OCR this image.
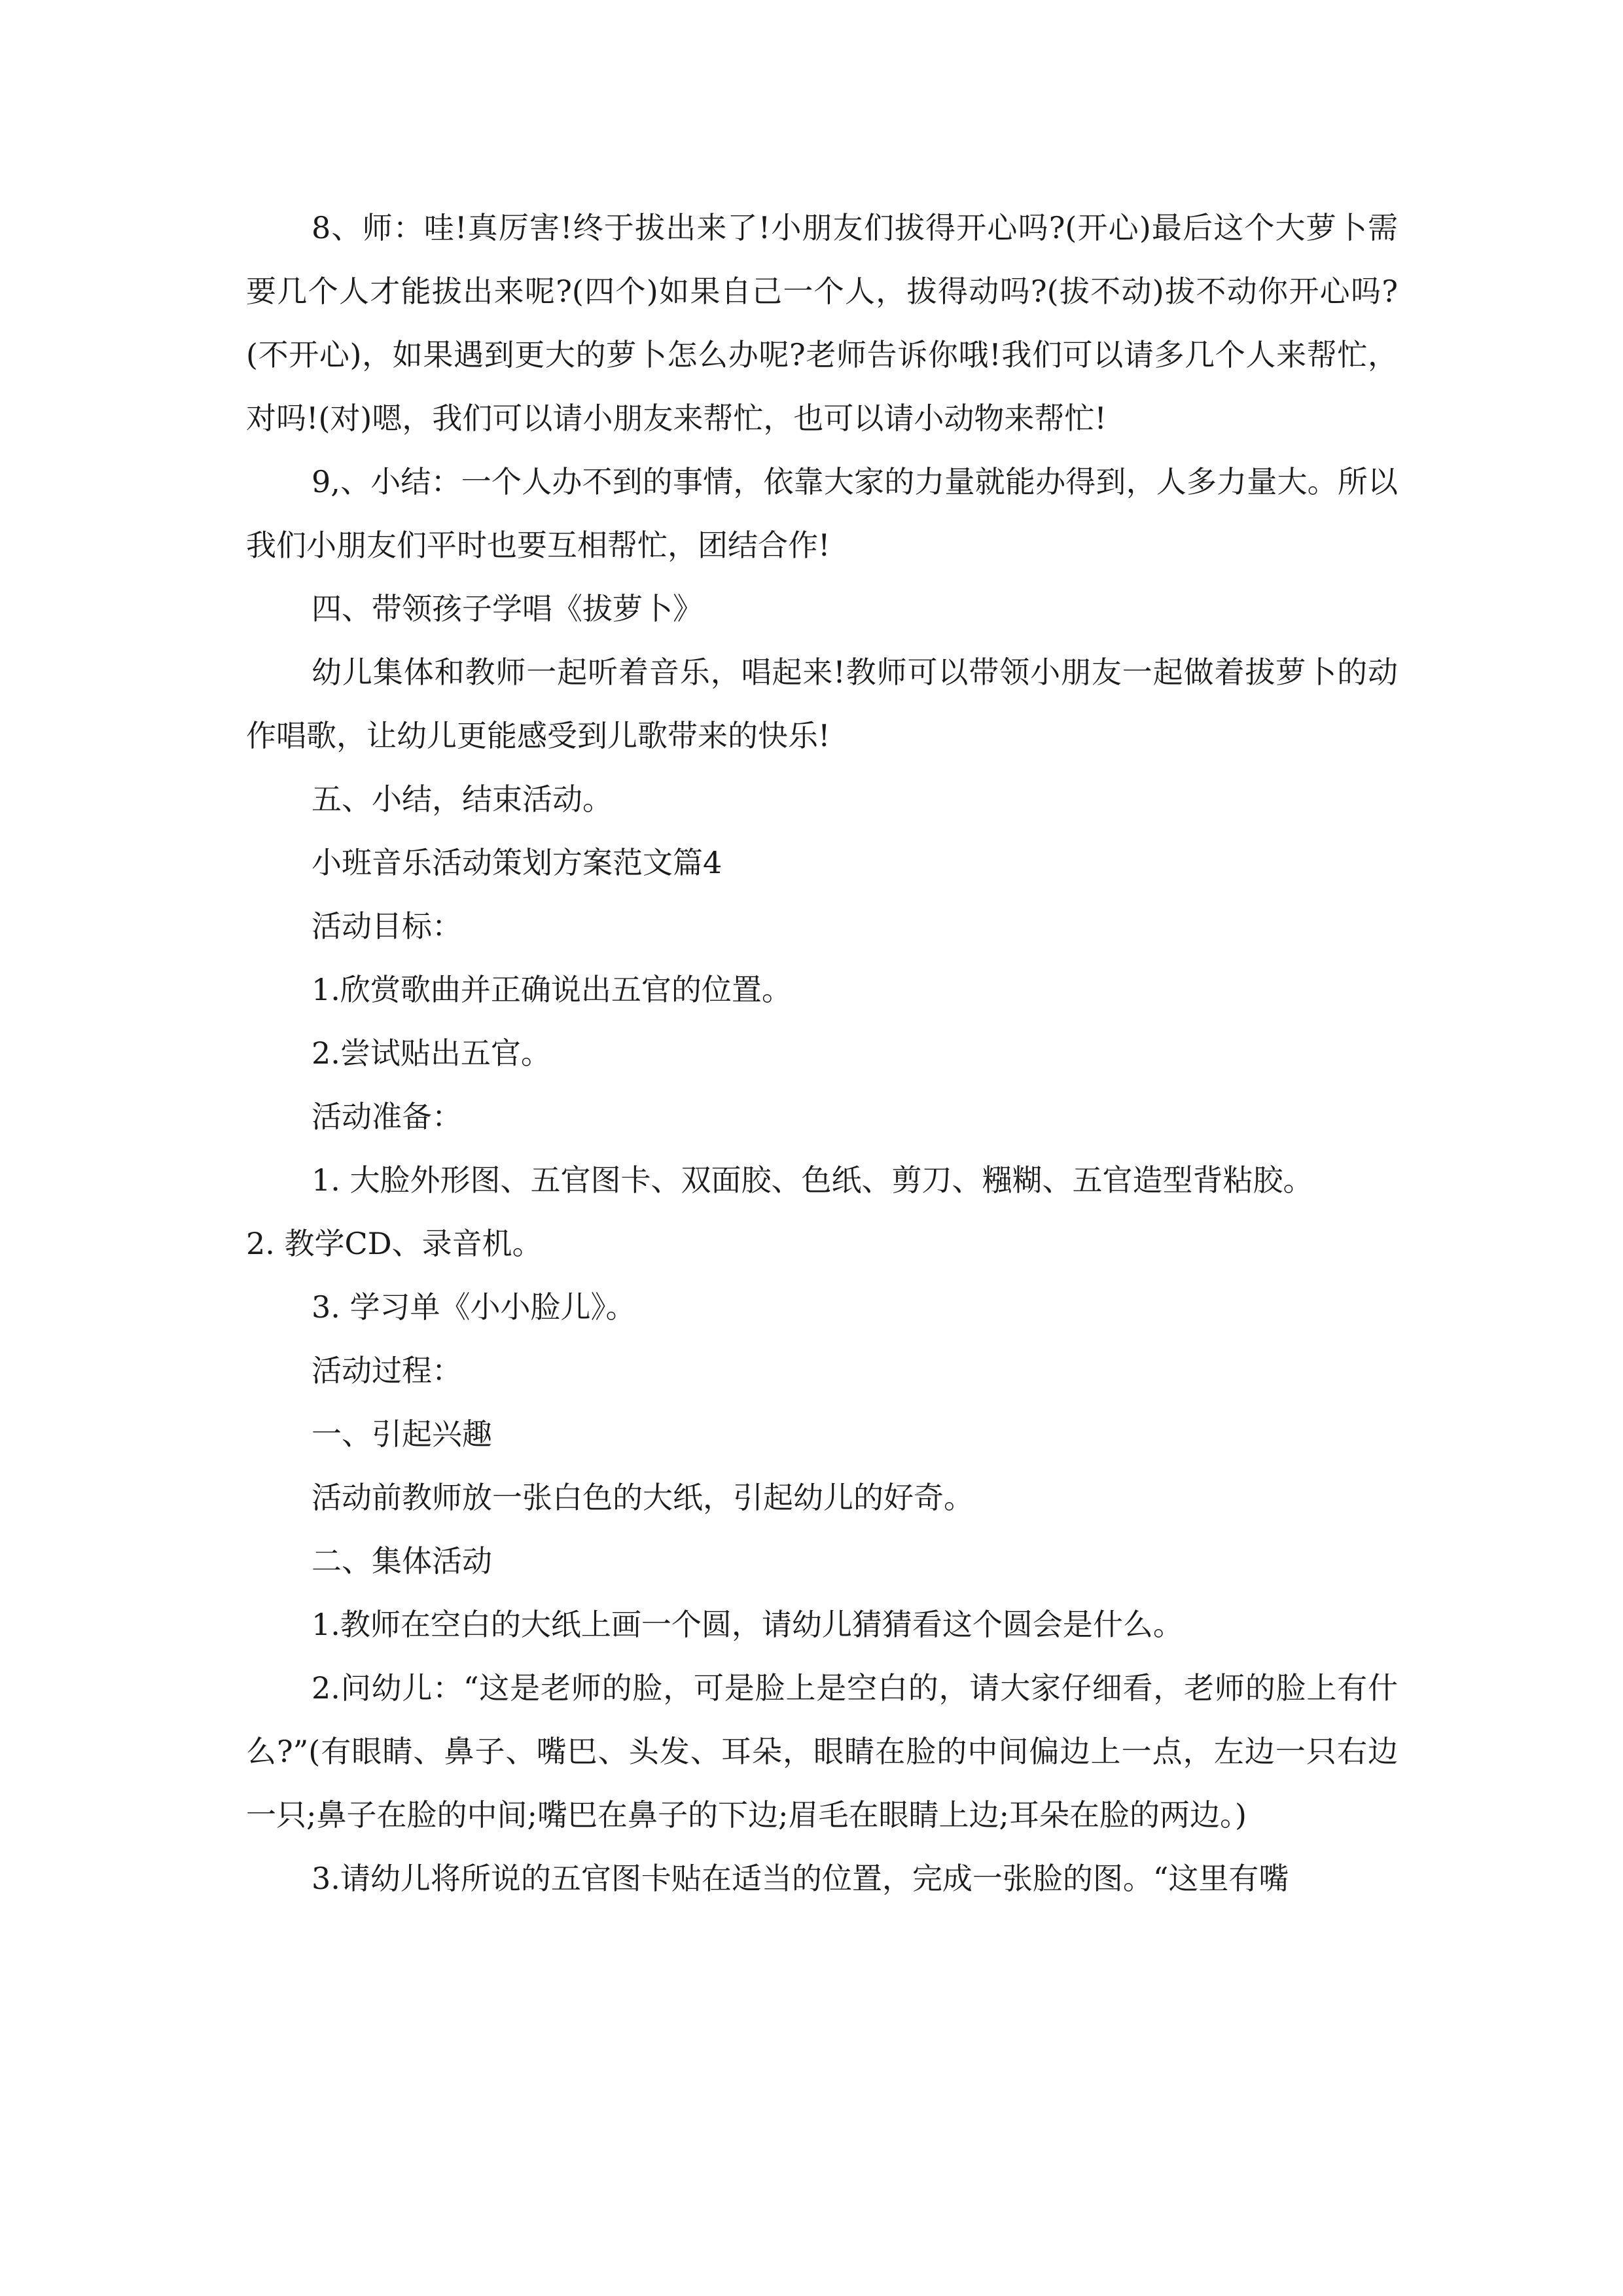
8、师：哇!真厉害!终于拔出来了!小朋友们拔得开心吗?(开心)最后这个大萝卜需要几个人才能拔出来呢?(四个)如果自己一个人，拔得动吗?(拔不动)拔不动你开心吗?(不开心)，如果遇到更大的萝卜怎么办呢?老师告诉你哦!我们可以请多几个人来帮忙，对吗!(对)嗯，我们可以请小朋友来帮忙，也可以请小动物来帮忙!

9,、小结：一个人办不到的事情，依靠大家的力量就能办得到，人多力量大。所以我们小朋友们平时也要互相帮忙，团结合作!

四、带领孩子学唱《拔萝卜》

幼儿集体和教师一起听着音乐，唱起来!教师可以带领小朋友一起做着拔萝卜的动作唱歌，让幼儿更能感受到儿歌带来的快乐!

五、小结，结束活动。

小班音乐活动策划方案范文篇4

活动目标：

1.欣赏歌曲并正确说出五官的位置。

2.尝试贴出五官。

活动准备：

1. 大脸外形图、五官图卡、双面胶、色纸、剪刀、糨糊、五官造型背粘胶。

2. 教学CD、录音机。

3. 学习单《小小脸儿》。

活动过程：

一、引起兴趣

活动前教师放一张白色的大纸，引起幼儿的好奇。

二、集体活动

1.教师在空白的大纸上画一个圆，请幼儿猜猜看这个圆会是什么。

2.问幼儿：“这是老师的脸，可是脸上是空白的，请大家仔细看，老师的脸上有什么?”(有眼睛、鼻子、嘴巴、头发、耳朵，眼睛在脸的中间偏边上一点，左边一只右边一只;鼻子在脸的中间;嘴巴在鼻子的下边;眉毛在眼睛上边;耳朵在脸的两边。)

3.请幼儿将所说的五官图卡贴在适当的位置，完成一张脸的图。“这里有嘴
